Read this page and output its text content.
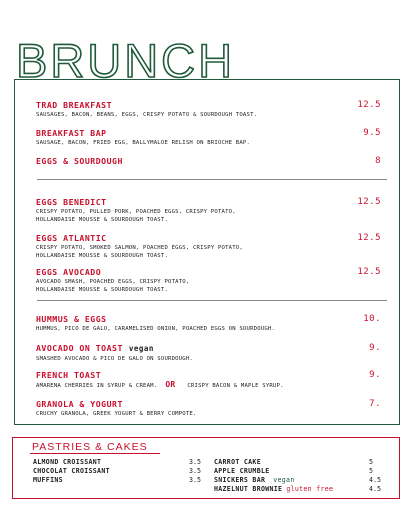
BRUNCH
TRAD BREAKFAST	12.5
SAUSAGES, BACON, BEANS, EGGS, CRISPY POTATO & SOURDOUGH TOAST.
BREAKFAST BAP	9.5
SAUSAGE, BACON, FRIED EGG, BALLYMALOE RELISH ON BRIOCHE BAP.
EGGS & SOURDOUGH	8
EGGS BENEDICT	12.5
CRISPY POTATO, PULLED PORK, POACHED EGGS, CRISPY POTATO,
HOLLANDAISE MOUSSE & SOURDOUGH TOAST.
EGGS ATLANTIC	12.5
CRISPY POTATO, SMOKED SALMON, POACHED EGGS, CRISPY POTATO,
HOLLANDAISE MOUSSE & SOURDOUGH TOAST.
EGGS AVOCADO	12.5
AVOCADO SMASH, POACHED EGGS, CRISPY POTATO,
HOLLANDAISE MOUSSE & SOURDOUGH TOAST.
HUMMUS & EGGS	10.
HUMMUS, PICO DE GALO, CARAMELISED ONION, POACHED EGGS ON SOURDOUGH.
AVOCADO ON TOAST vegan	9.
SMASHED AVOCADO & PICO DE GALO ON SOURDOUGH.
FRENCH TOAST	9.
AMARENA CHERRIES IN SYRUP & CREAM. OR CRISPY BACON & MAPLE SYRUP.
GRANOLA & YOGURT	7.
CRUCHY GRANOLA, GREEK YOGURT & BERRY COMPOTE.
PASTRIES & CAKES
ALMOND CROISSANT	3.5
CHOCOLAT CROISSANT	3.5
MUFFINS	3.5
CARROT CAKE	5
APPLE CRUMBLE	5
SNICKERS BAR vegan	4.5
HAZELNUT BROWNIE gluten free	4.5
